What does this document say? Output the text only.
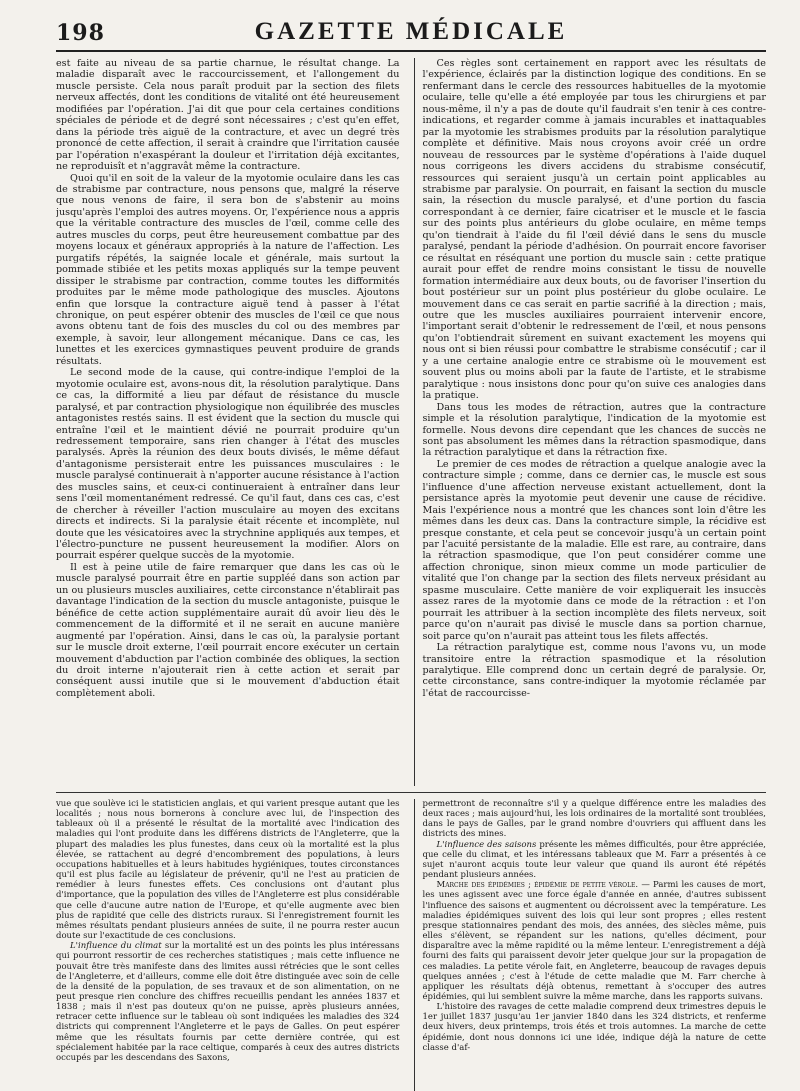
198	GAZETTE MÉDICALE

est faite au niveau de sa partie charnue, le résultat change. La maladie disparaît avec le raccourcissement, et l'allongement du muscle persiste. Cela nous paraît produit par la section des filets nerveux affectés, dont les conditions de vitalité ont été heureusement modifiées par l'opération. J'ai dit que pour cela certaines conditions spéciales de période et de degré sont nécessaires ; c'est qu'en effet, dans la période très aiguë de la contracture, et avec un degré très prononcé de cette affection, il serait à craindre que l'irritation causée par l'opération n'exaspérant la douleur et l'irritation déjà excitantes, ne reproduisît et n'aggravât même la contracture.

Quoi qu'il en soit de la valeur de la myotomie oculaire dans les cas de strabisme par contracture, nous pensons que, malgré la réserve que nous venons de faire, il sera bon de s'abstenir au moins jusqu'après l'emploi des autres moyens. Or, l'expérience nous a appris que la véritable contracture des muscles de l'œil, comme celle des autres muscles du corps, peut être heureusement combattue par des moyens locaux et généraux appropriés à la nature de l'affection. Les purgatifs répétés, la saignée locale et générale, mais surtout la pommade stibiée et les petits moxas appliqués sur la tempe peuvent dissiper le strabisme par contraction, comme toutes les difformités produites par le même mode pathologique des muscles. Ajoutons enfin que lorsque la contracture aiguë tend à passer à l'état chronique, on peut espérer obtenir des muscles de l'œil ce que nous avons obtenu tant de fois des muscles du col ou des membres par exemple, à savoir, leur allongement mécanique. Dans ce cas, les lunettes et les exercices gymnastiques peuvent produire de grands résultats.

Le second mode de la cause, qui contre-indique l'emploi de la myotomie oculaire est, avons-nous dit, la résolution paralytique. Dans ce cas, la difformité a lieu par défaut de résistance du muscle paralysé, et par contraction physiologique non équilibrée des muscles antagonistes restés sains. Il est évident que la section du muscle qui entraîne l'œil et le maintient dévié ne pourrait produire qu'un redressement temporaire, sans rien changer à l'état des muscles paralysés. Après la réunion des deux bouts divisés, le même défaut d'antagonisme persisterait entre les puissances musculaires : le muscle paralysé continuerait à n'apporter aucune résistance à l'action des muscles sains, et ceux-ci continueraient à entraîner dans leur sens l'œil momentanément redressé. Ce qu'il faut, dans ces cas, c'est de chercher à réveiller l'action musculaire au moyen des excitans directs et indirects. Si la paralysie était récente et incomplète, nul doute que les vésicatoires avec la strychnine appliqués aux tempes, et l'électro-puncture ne pussent heureusement la modifier. Alors on pourrait espérer quelque succès de la myotomie.

Il est à peine utile de faire remarquer que dans les cas où le muscle paralysé pourrait être en partie suppléé dans son action par un ou plusieurs muscles auxiliaires, cette circonstance n'établirait pas davantage l'indication de la section du muscle antagoniste, puisque le bénéfice de cette action supplémentaire aurait dû avoir lieu dès le commencement de la difformité et il ne serait en aucune manière augmenté par l'opération. Ainsi, dans le cas où, la paralysie portant sur le muscle droit externe, l'œil pourrait encore exécuter un certain mouvement d'abduction par l'action combinée des obliques, la section du droit interne n'ajouterait rien à cette action et serait par conséquent aussi inutile que si le mouvement d'abduction était complètement aboli.

Ces règles sont certainement en rapport avec les résultats de l'expérience, éclairés par la distinction logique des conditions. En se renfermant dans le cercle des ressources habituelles de la myotomie oculaire, telle qu'elle a été employée par tous les chirurgiens et par nous-même, il n'y a pas de doute qu'il faudrait s'en tenir à ces contre-indications, et regarder comme à jamais incurables et inattaquables par la myotomie les strabismes produits par la résolution paralytique complète et définitive. Mais nous croyons avoir créé un ordre nouveau de ressources par le système d'opérations à l'aide duquel nous corrigeons les divers accidens du strabisme consécutif, ressources qui seraient jusqu'à un certain point applicables au strabisme par paralysie. On pourrait, en faisant la section du muscle sain, la résection du muscle paralysé, et d'une portion du fascia correspondant à ce dernier, faire cicatriser et le muscle et le fascia sur des points plus antérieurs du globe oculaire, en même temps qu'on tiendrait à l'aide du fil l'œil dévié dans le sens du muscle paralysé, pendant la période d'adhésion. On pourrait encore favoriser ce résultat en réséquant une portion du muscle sain : cette pratique aurait pour effet de rendre moins consistant le tissu de nouvelle formation intermédiaire aux deux bouts, ou de favoriser l'insertion du bout postérieur sur un point plus postérieur du globe oculaire. Le mouvement dans ce cas serait en partie sacrifié à la direction ; mais, outre que les muscles auxiliaires pourraient intervenir encore, l'important serait d'obtenir le redressement de l'œil, et nous pensons qu'on l'obtiendrait sûrement en suivant exactement les moyens qui nous ont si bien réussi pour combattre le strabisme consécutif ; car il y a une certaine analogie entre ce strabisme où le mouvement est souvent plus ou moins aboli par la faute de l'artiste, et le strabisme paralytique : nous insistons donc pour qu'on suive ces analogies dans la pratique.

Dans tous les modes de rétraction, autres que la contracture simple et la résolution paralytique, l'indication de la myotomie est formelle. Nous devons dire cependant que les chances de succès ne sont pas absolument les mêmes dans la rétraction spasmodique, dans la rétraction paralytique et dans la rétraction fixe.

Le premier de ces modes de rétraction a quelque analogie avec la contracture simple ; comme, dans ce dernier cas, le muscle est sous l'influence d'une affection nerveuse existant actuellement, dont la persistance après la myotomie peut devenir une cause de récidive. Mais l'expérience nous a montré que les chances sont loin d'être les mêmes dans les deux cas. Dans la contracture simple, la récidive est presque constante, et cela peut se concevoir jusqu'à un certain point par l'acuité persistante de la maladie. Elle est rare, au contraire, dans la rétraction spasmodique, que l'on peut considérer comme une affection chronique, sinon mieux comme un mode particulier de vitalité que l'on change par la section des filets nerveux présidant au spasme musculaire. Cette manière de voir expliquerait les insuccès assez rares de la myotomie dans ce mode de la rétraction : et l'on pourrait les attribuer à la section incomplète des filets nerveux, soit parce qu'on n'aurait pas divisé le muscle dans sa portion charnue, soit parce qu'on n'aurait pas atteint tous les filets affectés.

La rétraction paralytique est, comme nous l'avons vu, un mode transitoire entre la rétraction spasmodique et la résolution paralytique. Elle comprend donc un certain degré de paralysie. Or, cette circonstance, sans contre-indiquer la myotomie réclamée par l'état de raccourcisse-

vue que soulève ici le statisticien anglais, et qui varient presque autant que les localités ; nous nous bornerons à conclure avec lui, de l'inspection des tableaux où il a présenté le résultat de la mortalité avec l'indication des maladies qui l'ont produite dans les différens districts de l'Angleterre, que la plupart des maladies les plus funestes, dans ceux où la mortalité est la plus élevée, se rattachent au degré d'encombrement des populations, à leurs occupations habituelles et à leurs habitudes hygiéniques, toutes circonstances qu'il est plus facile au législateur de prévenir, qu'il ne l'est au praticien de remédier à leurs funestes effets. Ces conclusions ont d'autant plus d'importance, que la population des villes de l'Angleterre est plus considérable que celle d'aucune autre nation de l'Europe, et qu'elle augmente avec bien plus de rapidité que celle des districts ruraux. Si l'enregistrement fournit les mêmes résultats pendant plusieurs années de suite, il ne pourra rester aucun doute sur l'exactitude de ces conclusions.

L'influence du climat sur la mortalité est un des points les plus intéressans qui pourront ressortir de ces recherches statistiques ; mais cette influence ne pouvait être très manifeste dans des limites aussi rétrécies que le sont celles de l'Angleterre, et d'ailleurs, comme elle doit être distinguée avec soin de celle de la densité de la population, de ses travaux et de son alimentation, on ne peut presque rien conclure des chiffres recueillis pendant les années 1837 et 1838 ; mais il n'est pas douteux qu'on ne puisse, après plusieurs années, retracer cette influence sur le tableau où sont indiquées les maladies des 324 districts qui comprennent l'Angleterre et le pays de Galles. On peut espérer même que les résultats fournis par cette dernière contrée, qui est spécialement habitée par la race celtique, comparés à ceux des autres districts occupés par les descendans des Saxons,

permettront de reconnaître s'il y a quelque différence entre les maladies des deux races ; mais aujourd'hui, les lois ordinaires de la mortalité sont troublées, dans le pays de Galles, par le grand nombre d'ouvriers qui affluent dans les districts des mines.

L'influence des saisons présente les mêmes difficultés, pour être appréciée, que celle du climat, et les intéressans tableaux que M. Farr a présentés à ce sujet n'auront acquis toute leur valeur que quand ils auront été répétés pendant plusieurs années.

Marche des épidémies ; épidémie de petite vérole. — Parmi les causes de mort, les unes agissent avec une force égale d'année en année, d'autres subissent l'influence des saisons et augmentent ou décroissent avec la température. Les maladies épidémiques suivent des lois qui leur sont propres ; elles restent presque stationnaires pendant des mois, des années, des siècles même, puis elles s'élèvent, se répandent sur les nations, qu'elles déciment, pour disparaître avec la même rapidité ou la même lenteur. L'enregistrement a déjà fourni des faits qui paraissent devoir jeter quelque jour sur la propagation de ces maladies. La petite vérole fait, en Angleterre, beaucoup de ravages depuis quelques années ; c'est à l'étude de cette maladie que M. Farr cherche à appliquer les résultats déjà obtenus, remettant à s'occuper des autres épidémies, qui lui semblent suivre la même marche, dans les rapports suivans.

L'histoire des ravages de cette maladie comprend deux trimestres depuis le 1er juillet 1837 jusqu'au 1er janvier 1840 dans les 324 districts, et renferme deux hivers, deux printemps, trois étés et trois automnes. La marche de cette épidémie, dont nous donnons ici une idée, indique déjà la nature de cette classe d'af-
